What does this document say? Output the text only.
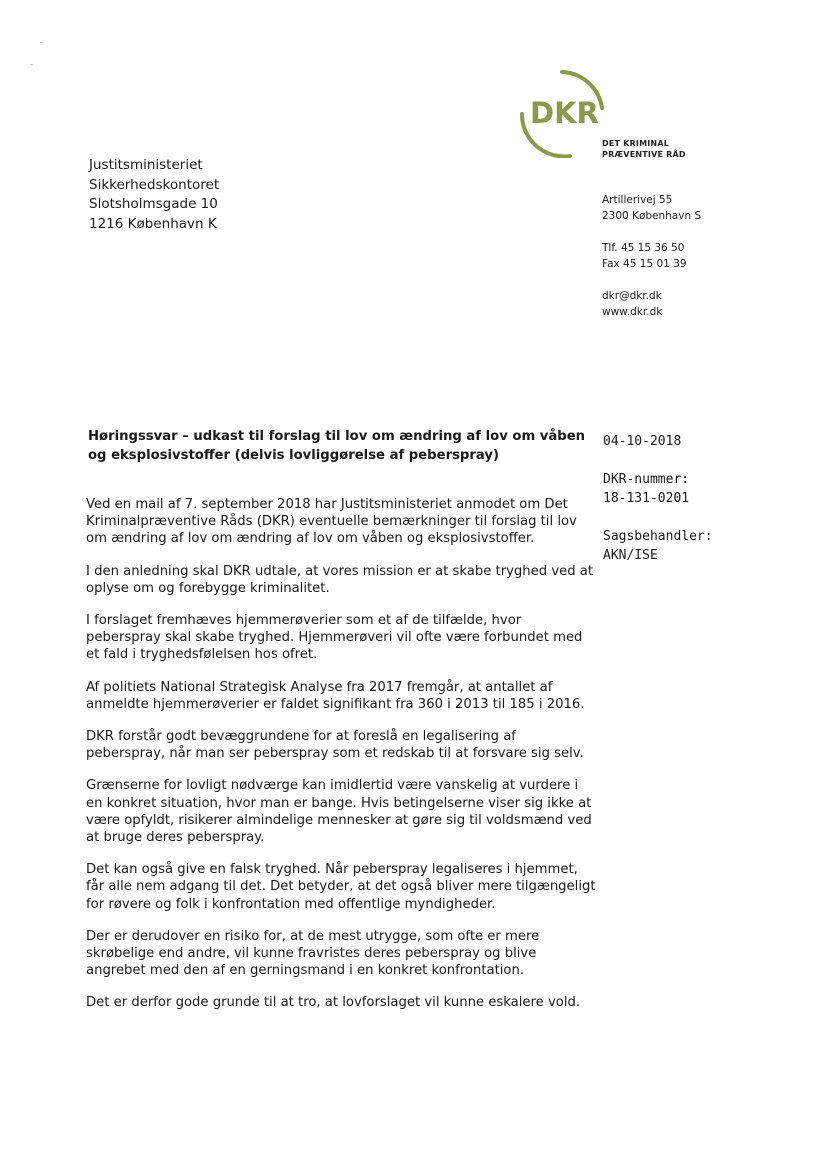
-
-
DKR
DET KRIMINAL
PRÆVENTIVE RÅD
Justitsministeriet
Sikkerhedskontoret
Slotsholmsgade 10
1216 København K
Artillerivej 55
2300 København S
Tlf. 45 15 36 50
Fax 45 15 01 39
dkr@dkr.dk
www.dkr.dk
Høringssvar – udkast til forslag til lov om ændring af lov om våben og eksplosivstoffer (delvis lovliggørelse af peberspray)
04-10-2018
DKR-nummer:
18-131-0201
Sagsbehandler:
AKN/ISE

Ved en mail af 7. september 2018 har Justitsministeriet anmodet om Det Kriminalpræventive Råds (DKR) eventuelle bemærkninger til forslag til lov om ændring af lov om ændring af lov om våben og eksplosivstoffer.

I den anledning skal DKR udtale, at vores mission er at skabe tryghed ved at oplyse om og forebygge kriminalitet.

I forslaget fremhæves hjemmerøverier som et af de tilfælde, hvor peberspray skal skabe tryghed. Hjemmerøveri vil ofte være forbundet med et fald i tryghedsfølelsen hos ofret.

Af politiets National Strategisk Analyse fra 2017 fremgår, at antallet af anmeldte hjemmerøverier er faldet signifikant fra 360 i 2013 til 185 i 2016.

DKR forstår godt bevæggrundene for at foreslå en legalisering af peberspray, når man ser peberspray som et redskab til at forsvare sig selv.

Grænserne for lovligt nødværge kan imidlertid være vanskelig at vurdere i en konkret situation, hvor man er bange. Hvis betingelserne viser sig ikke at være opfyldt, risikerer almindelige mennesker at gøre sig til voldsmænd ved at bruge deres peberspray.

Det kan også give en falsk tryghed. Når peberspray legaliseres i hjemmet, får alle nem adgang til det. Det betyder, at det også bliver mere tilgængeligt for røvere og folk i konfrontation med offentlige myndigheder.

Der er derudover en risiko for, at de mest utrygge, som ofte er mere skrøbelige end andre, vil kunne fravristes deres peberspray og blive angrebet med den af en gerningsmand i en konkret konfrontation.

Det er derfor gode grunde til at tro, at lovforslaget vil kunne eskalere vold.
